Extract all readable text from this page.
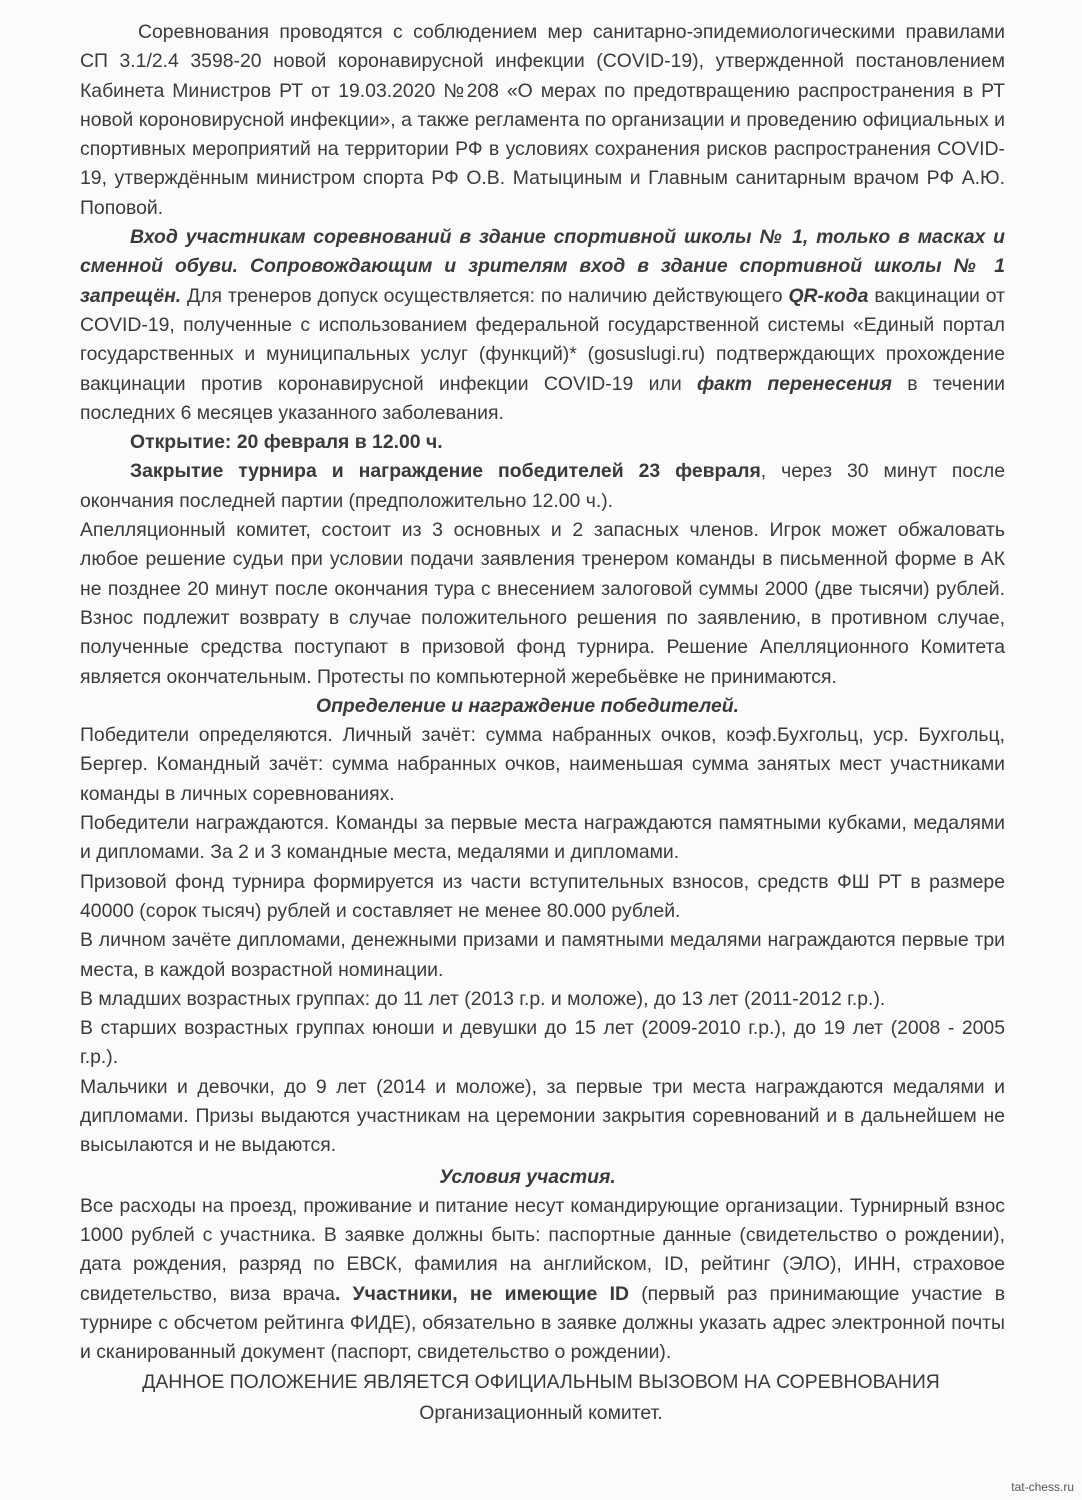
Соревнования проводятся с соблюдением мер санитарно-эпидемиологическими правилами СП 3.1/2.4 3598-20 новой коронавирусной инфекции (COVID-19), утвержденной постановлением Кабинета Министров РТ от 19.03.2020 №208 «О мерах по предотвращению распространения в РТ новой короновирусной инфекции», а также регламента по организации и проведению официальных и спортивных мероприятий на территории РФ в условиях сохранения рисков распространения COVID-19, утверждённым министром спорта РФ О.В. Матыциным и Главным санитарным врачом РФ А.Ю. Поповой.

Вход участникам соревнований в здание спортивной школы № 1, только в масках и сменной обуви. Сопровождающим и зрителям вход в здание спортивной школы № 1 запрещён. Для тренеров допуск осуществляется: по наличию действующего QR-кода вакцинации от COVID-19, полученные с использованием федеральной государственной системы «Единый портал государственных и муниципальных услуг (функций)* (gosuslugi.ru) подтверждающих прохождение вакцинации против коронавирусной инфекции COVID-19 или факт перенесения в течении последних 6 месяцев указанного заболевания.

Открытие: 20 февраля в 12.00 ч.

Закрытие турнира и награждение победителей 23 февраля, через 30 минут после окончания последней партии (предположительно 12.00 ч.).

Апелляционный комитет, состоит из 3 основных и 2 запасных членов. Игрок может обжаловать любое решение судьи при условии подачи заявления тренером команды в письменной форме в АК не позднее 20 минут после окончания тура с внесением залоговой суммы 2000 (две тысячи) рублей. Взнос подлежит возврату в случае положительного решения по заявлению, в противном случае, полученные средства поступают в призовой фонд турнира. Решение Апелляционного Комитета является окончательным. Протесты по компьютерной жеребьёвке не принимаются.

Определение и награждение победителей.

Победители определяются. Личный зачёт: сумма набранных очков, коэф.Бухгольц, уср. Бухгольц, Бергер. Командный зачёт: сумма набранных очков, наименьшая сумма занятых мест участниками команды в личных соревнованиях.

Победители награждаются. Команды за первые места награждаются памятными кубками, медалями и дипломами. За 2 и 3 командные места, медалями и дипломами.

Призовой фонд турнира формируется из части вступительных взносов, средств ФШ РТ в размере 40000 (сорок тысяч) рублей и составляет не менее 80.000 рублей.

В личном зачёте дипломами, денежными призами и памятными медалями награждаются первые три места, в каждой возрастной номинации.

В младших возрастных группах: до 11 лет (2013 г.р. и моложе), до 13 лет (2011-2012 г.р.).

В старших возрастных группах юноши и девушки до 15 лет (2009-2010 г.р.), до 19 лет (2008 - 2005 г.р.).

Мальчики и девочки, до 9 лет (2014 и моложе), за первые три места награждаются медалями и дипломами. Призы выдаются участникам на церемонии закрытия соревнований и в дальнейшем не высылаются и не выдаются.

Условия участия.

Все расходы на проезд, проживание и питание несут командирующие организации. Турнирный взнос 1000 рублей с участника. В заявке должны быть: паспортные данные (свидетельство о рождении), дата рождения, разряд по ЕВСК, фамилия на английском, ID, рейтинг (ЭЛО), ИНН, страховое свидетельство, виза врача. Участники, не имеющие ID (первый раз принимающие участие в турнире с обсчетом рейтинга ФИДЕ), обязательно в заявке должны указать адрес электронной почты и сканированный документ (паспорт, свидетельство о рождении).

ДАННОЕ ПОЛОЖЕНИЕ ЯВЛЯЕТСЯ ОФИЦИАЛЬНЫМ ВЫЗОВОМ НА СОРЕВНОВАНИЯ
Организационный комитет.
tat-chess.ru
